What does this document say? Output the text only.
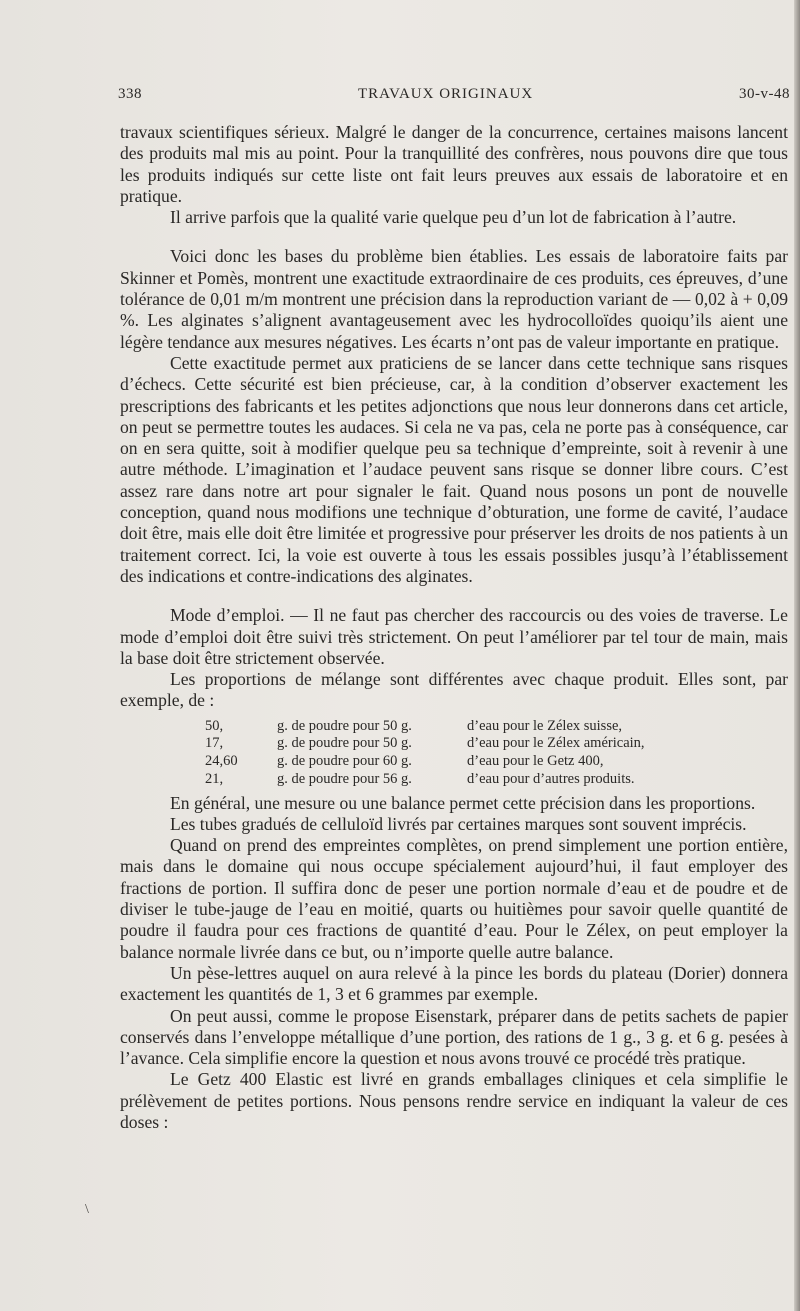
338	TRAVAUX ORIGINAUX	30-v-48

travaux scientifiques sérieux. Malgré le danger de la concurrence, certaines maisons lancent des produits mal mis au point. Pour la tranquillité des confrères, nous pouvons dire que tous les produits indiqués sur cette liste ont fait leurs preuves aux essais de laboratoire et en pratique.

Il arrive parfois que la qualité varie quelque peu d’un lot de fabrication à l’autre.

Voici donc les bases du problème bien établies. Les essais de laboratoire faits par Skinner et Pomès, montrent une exactitude extraordinaire de ces produits, ces épreuves, d’une tolérance de 0,01 m/m montrent une précision dans la reproduction variant de — 0,02 à + 0,09 %. Les alginates s’alignent avantageusement avec les hydrocolloïdes quoiqu’ils aient une légère tendance aux mesures négatives. Les écarts n’ont pas de valeur importante en pratique.

Cette exactitude permet aux praticiens de se lancer dans cette technique sans risques d’échecs. Cette sécurité est bien précieuse, car, à la condition d’observer exactement les prescriptions des fabricants et les petites adjonctions que nous leur donnerons dans cet article, on peut se permettre toutes les audaces. Si cela ne va pas, cela ne porte pas à conséquence, car on en sera quitte, soit à modifier quelque peu sa technique d’empreinte, soit à revenir à une autre méthode. L’imagination et l’audace peuvent sans risque se donner libre cours. C’est assez rare dans notre art pour signaler le fait. Quand nous posons un pont de nouvelle conception, quand nous modifions une technique d’obturation, une forme de cavité, l’audace doit être, mais elle doit être limitée et progressive pour préserver les droits de nos patients à un traitement correct. Ici, la voie est ouverte à tous les essais possibles jusqu’à l’établissement des indications et contre-indications des alginates.

Mode d’emploi. — Il ne faut pas chercher des raccourcis ou des voies de traverse. Le mode d’emploi doit être suivi très strictement. On peut l’améliorer par tel tour de main, mais la base doit être strictement observée.

Les proportions de mélange sont différentes avec chaque produit. Elles sont, par exemple, de :

50,	g. de poudre pour 50 g.	d’eau pour le Zélex suisse,
17,	g. de poudre pour 50 g.	d’eau pour le Zélex américain,
24,60	g. de poudre pour 60 g.	d’eau pour le Getz 400,
21,	g. de poudre pour 56 g.	d’eau pour d’autres produits.

En général, une mesure ou une balance permet cette précision dans les proportions.

Les tubes gradués de celluloïd livrés par certaines marques sont souvent imprécis.

Quand on prend des empreintes complètes, on prend simplement une portion entière, mais dans le domaine qui nous occupe spécialement aujourd’hui, il faut employer des fractions de portion. Il suffira donc de peser une portion normale d’eau et de poudre et de diviser le tube-jauge de l’eau en moitié, quarts ou huitièmes pour savoir quelle quantité de poudre il faudra pour ces fractions de quantité d’eau. Pour le Zélex, on peut employer la balance normale livrée dans ce but, ou n’importe quelle autre balance.

Un pèse-lettres auquel on aura relevé à la pince les bords du plateau (Dorier) donnera exactement les quantités de 1, 3 et 6 grammes par exemple.

On peut aussi, comme le propose Eisenstark, préparer dans de petits sachets de papier conservés dans l’enveloppe métallique d’une portion, des rations de 1 g., 3 g. et 6 g. pesées à l’avance. Cela simplifie encore la question et nous avons trouvé ce procédé très pratique.

Le Getz 400 Elastic est livré en grands emballages cliniques et cela simplifie le prélèvement de petites portions. Nous pensons rendre service en indiquant la valeur de ces doses :

\
